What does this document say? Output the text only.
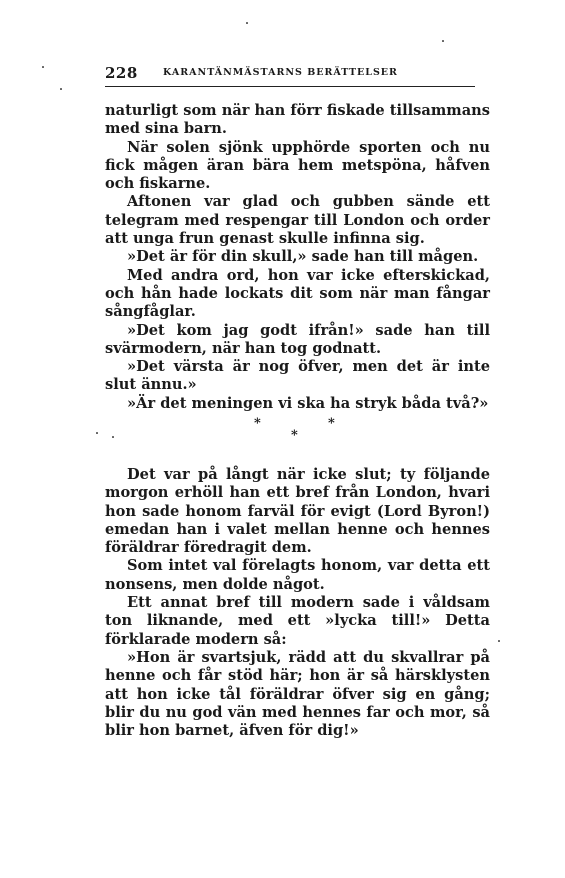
228	KARANTÄNMÄSTARNS BERÄTTELSER

naturligt som när han förr fiskade tillsammans med sina barn.

När solen sjönk upphörde sporten och nu fick mågen äran bära hem metspöna, håfven och fiskarne.

Aftonen var glad och gubben sände ett telegram med respengar till London och order att unga frun genast skulle infinna sig.

»Det är för din skull,» sade han till mågen.

Med andra ord, hon var icke efterskickad, och hån hade lockats dit som när man fångar sångfåglar.

»Det kom jag godt ifrån!» sade han till svärmodern, när han tog godnatt.

»Det värsta är nog öfver, men det är inte slut ännu.»

»Är det meningen vi ska ha stryk båda två?»

*	*
*

Det var på långt när icke slut; ty följande morgon erhöll han ett bref från London, hvari hon sade honom farväl för evigt (Lord Byron!) emedan han i valet mellan henne och hennes föräldrar föredragit dem.

Som intet val förelagts honom, var detta ett nonsens, men dolde något.

Ett annat bref till modern sade i våldsam ton liknande, med ett »lycka till!» Detta förklarade modern så:

»Hon är svartsjuk, rädd att du skvallrar på henne och får stöd här; hon är så härsklysten att hon icke tål föräldrar öfver sig en gång; blir du nu god vän med hennes far och mor, så blir hon barnet, äfven för dig!»
